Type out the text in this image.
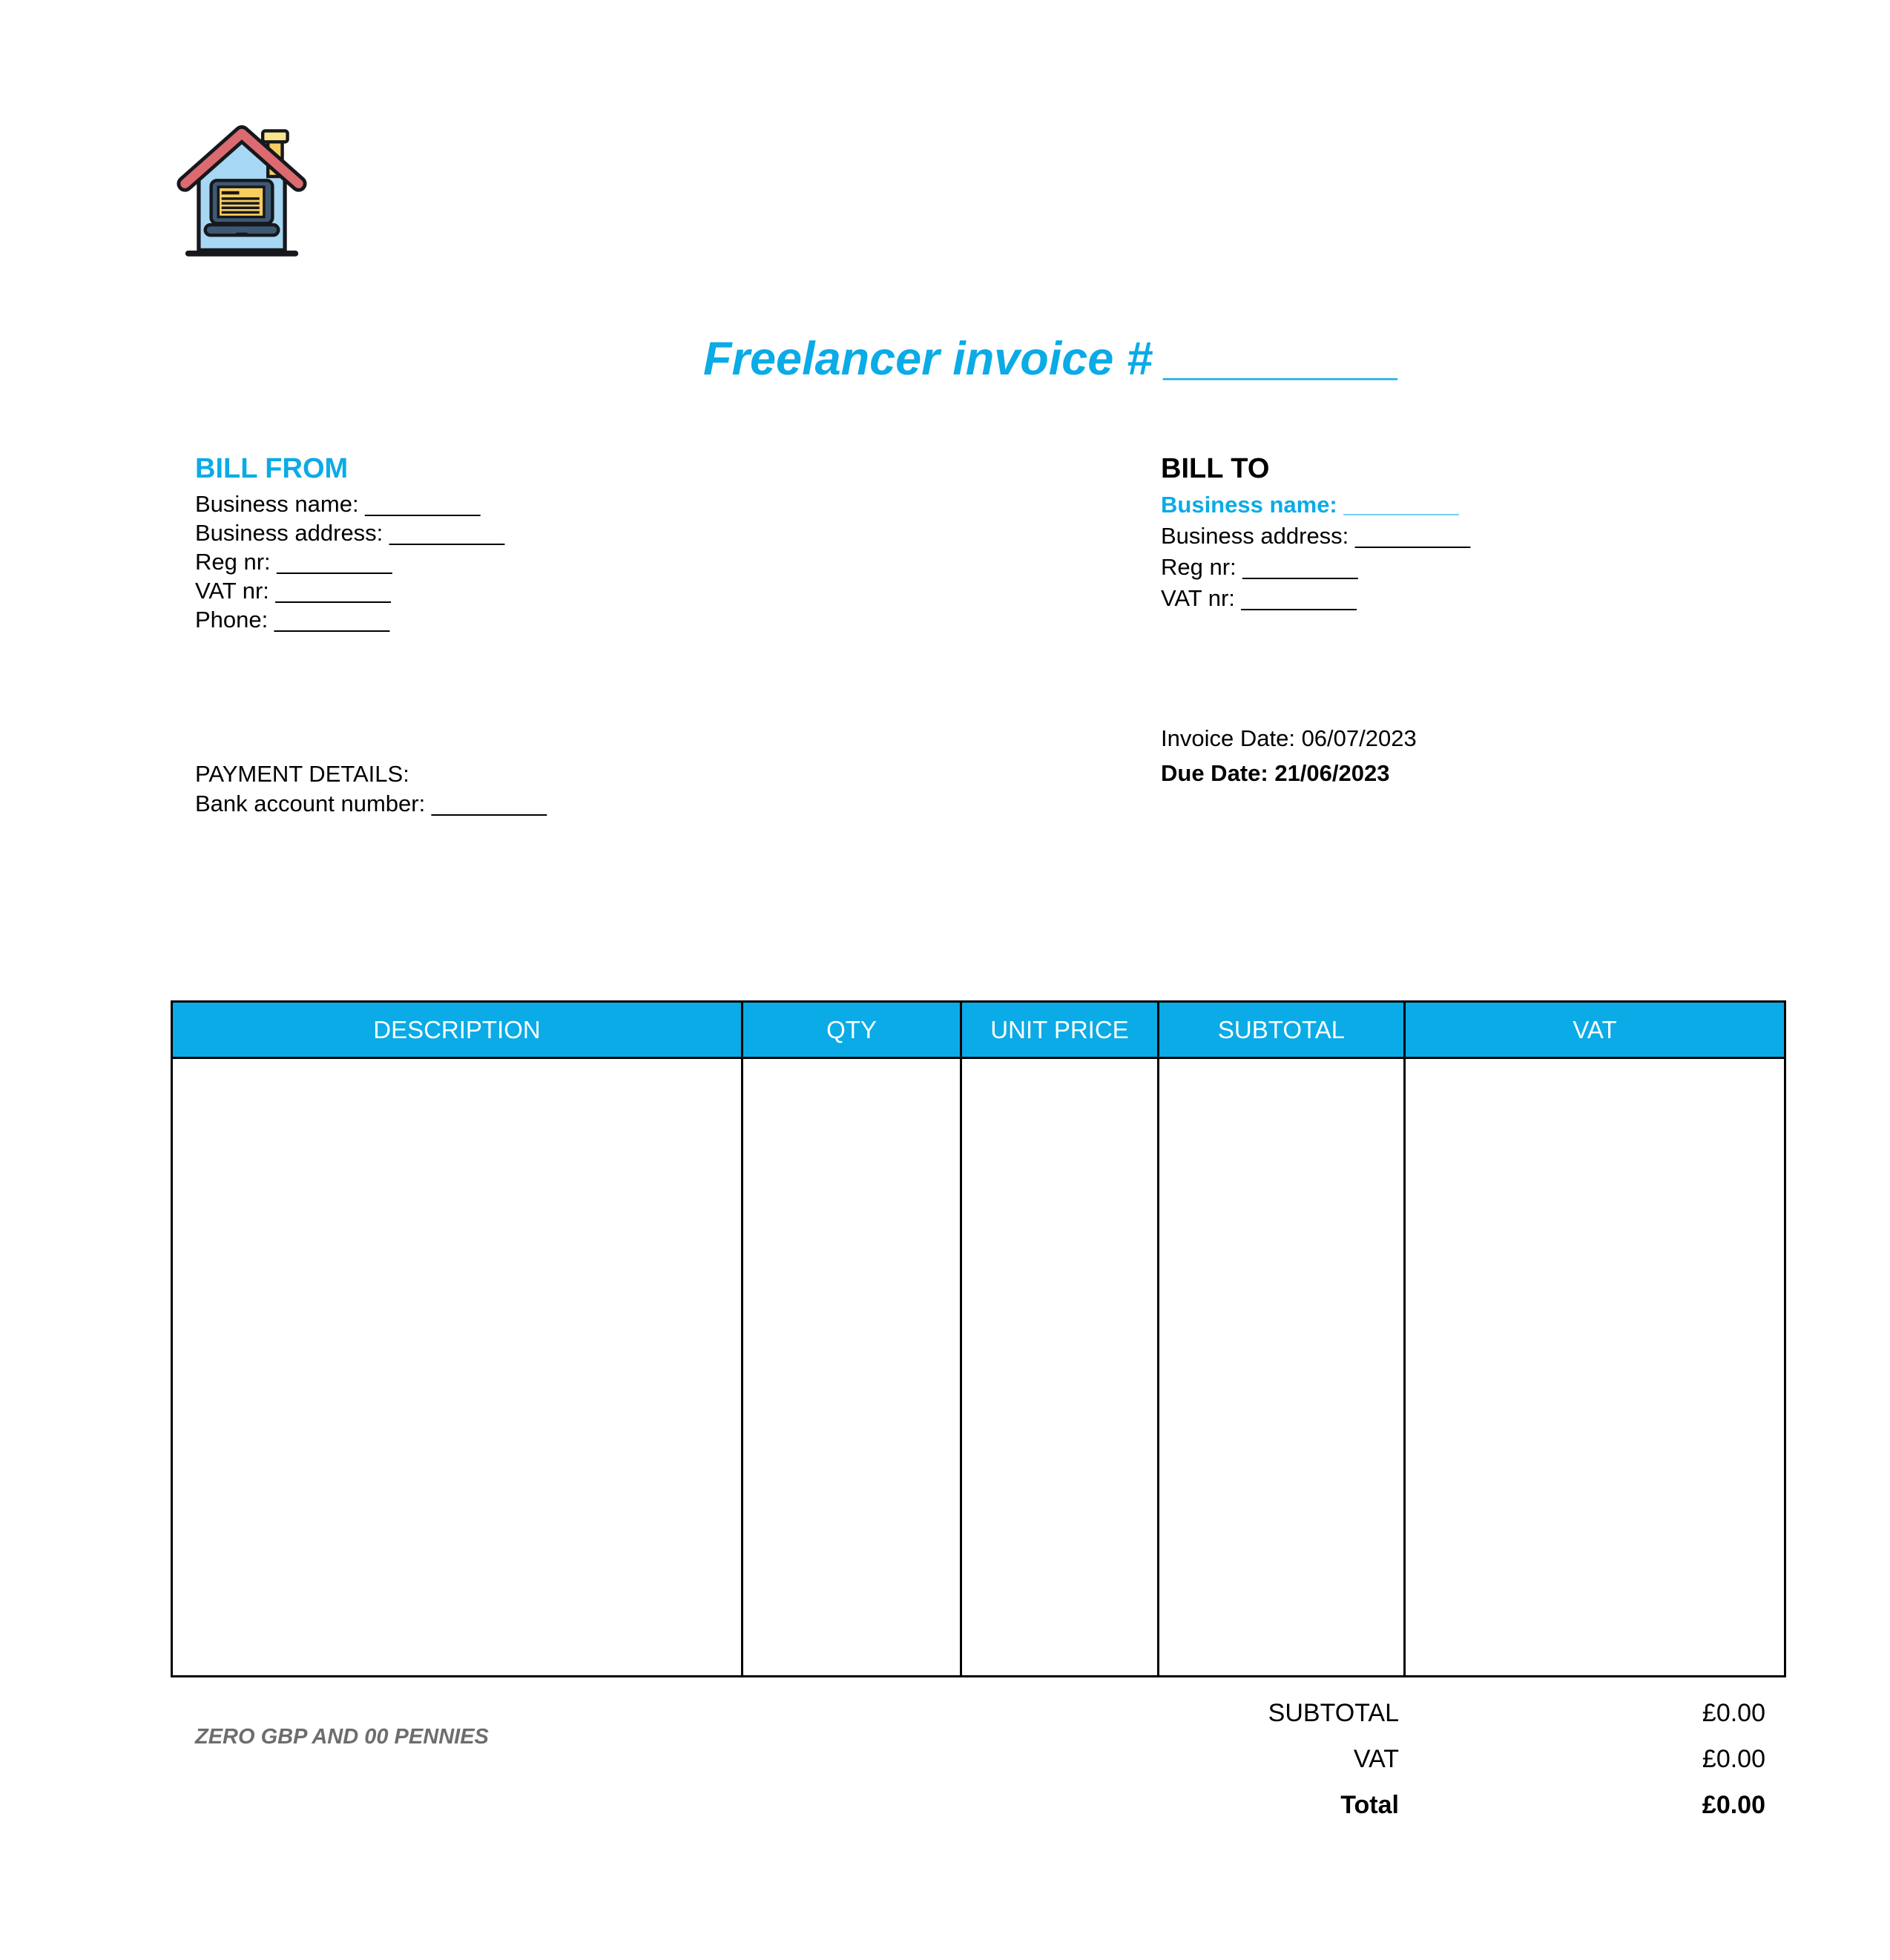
Freelancer invoice # _________
BILL FROM
Business name: _________
Business address: _________
Reg nr: _________
VAT nr: _________
Phone: _________
BILL TO
Business name: _________
Business address: _________
Reg nr: _________
VAT nr: _________
Invoice Date: 06/07/2023
Due Date: 21/06/2023
PAYMENT DETAILS:
Bank account number: _________
DESCRIPTION	QTY	UNIT PRICE	SUBTOTAL	VAT
SUBTOTAL	£0.00
VAT	£0.00
Total	£0.00
ZERO GBP AND 00 PENNIES
